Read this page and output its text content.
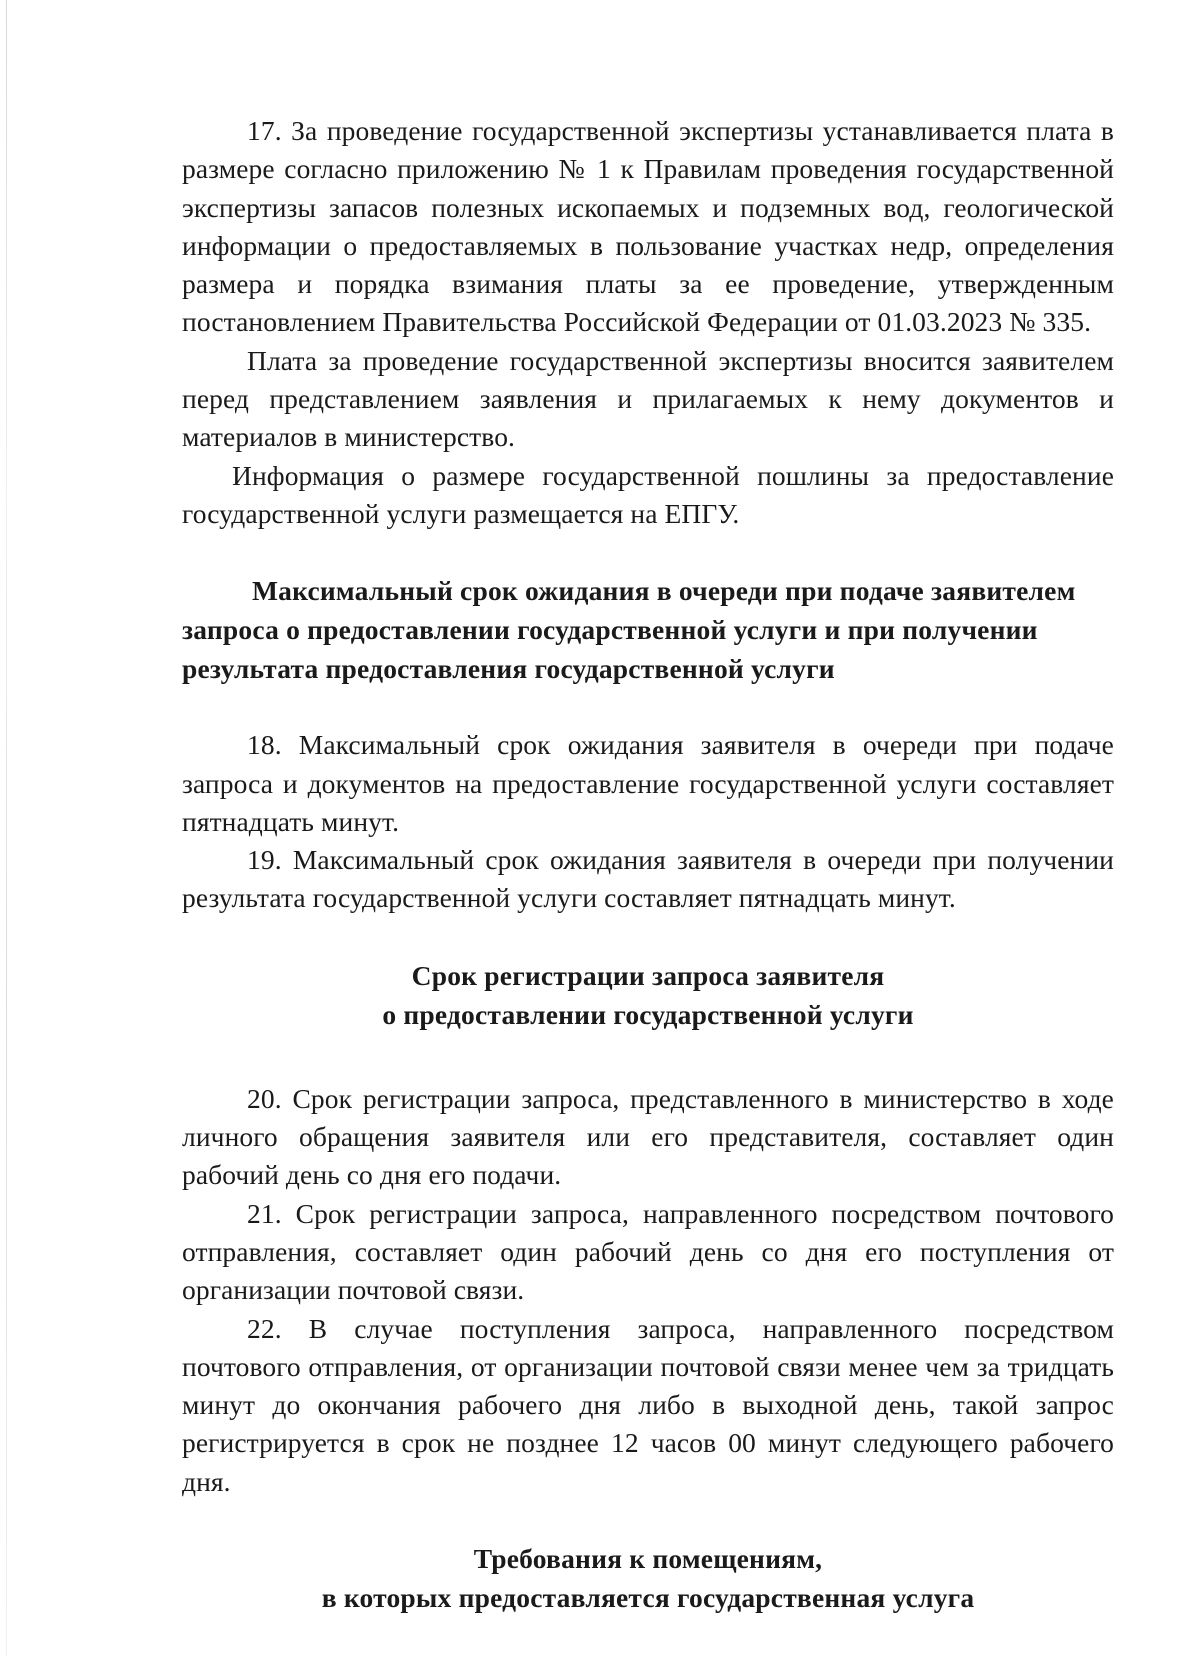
17. За проведение государственной экспертизы устанавливается плата в размере согласно приложению № 1 к Правилам проведения государственной экспертизы запасов полезных ископаемых и подземных вод, геологической информации о предоставляемых в пользование участках недр, определения размера и порядка взимания платы за ее проведение, утвержденным постановлением Правительства Российской Федерации от 01.03.2023 № 335.

Плата за проведение государственной экспертизы вносится заявителем перед представлением заявления и прилагаемых к нему документов и материалов в министерство.

Информация о размере государственной пошлины за предоставление государственной услуги размещается на ЕПГУ.

Максимальный срок ожидания в очереди при подаче заявителем
запроса о предоставлении государственной услуги и при получении
результата предоставления государственной услуги

18. Максимальный срок ожидания заявителя в очереди при подаче запроса и документов на предоставление государственной услуги составляет пятнадцать минут.

19. Максимальный срок ожидания заявителя в очереди при получении результата государственной услуги составляет пятнадцать минут.

Срок регистрации запроса заявителя
о предоставлении государственной услуги

20. Срок регистрации запроса, представленного в министерство в ходе личного обращения заявителя или его представителя, составляет один рабочий день со дня его подачи.

21. Срок регистрации запроса, направленного посредством почтового отправления, составляет один рабочий день со дня его поступления от организации почтовой связи.

22. В случае поступления запроса, направленного посредством почтового отправления, от организации почтовой связи менее чем за тридцать минут до окончания рабочего дня либо в выходной день, такой запрос регистрируется в срок не позднее 12 часов 00 минут следующего рабочего дня.

Требования к помещениям,
в которых предоставляется государственная услуга
